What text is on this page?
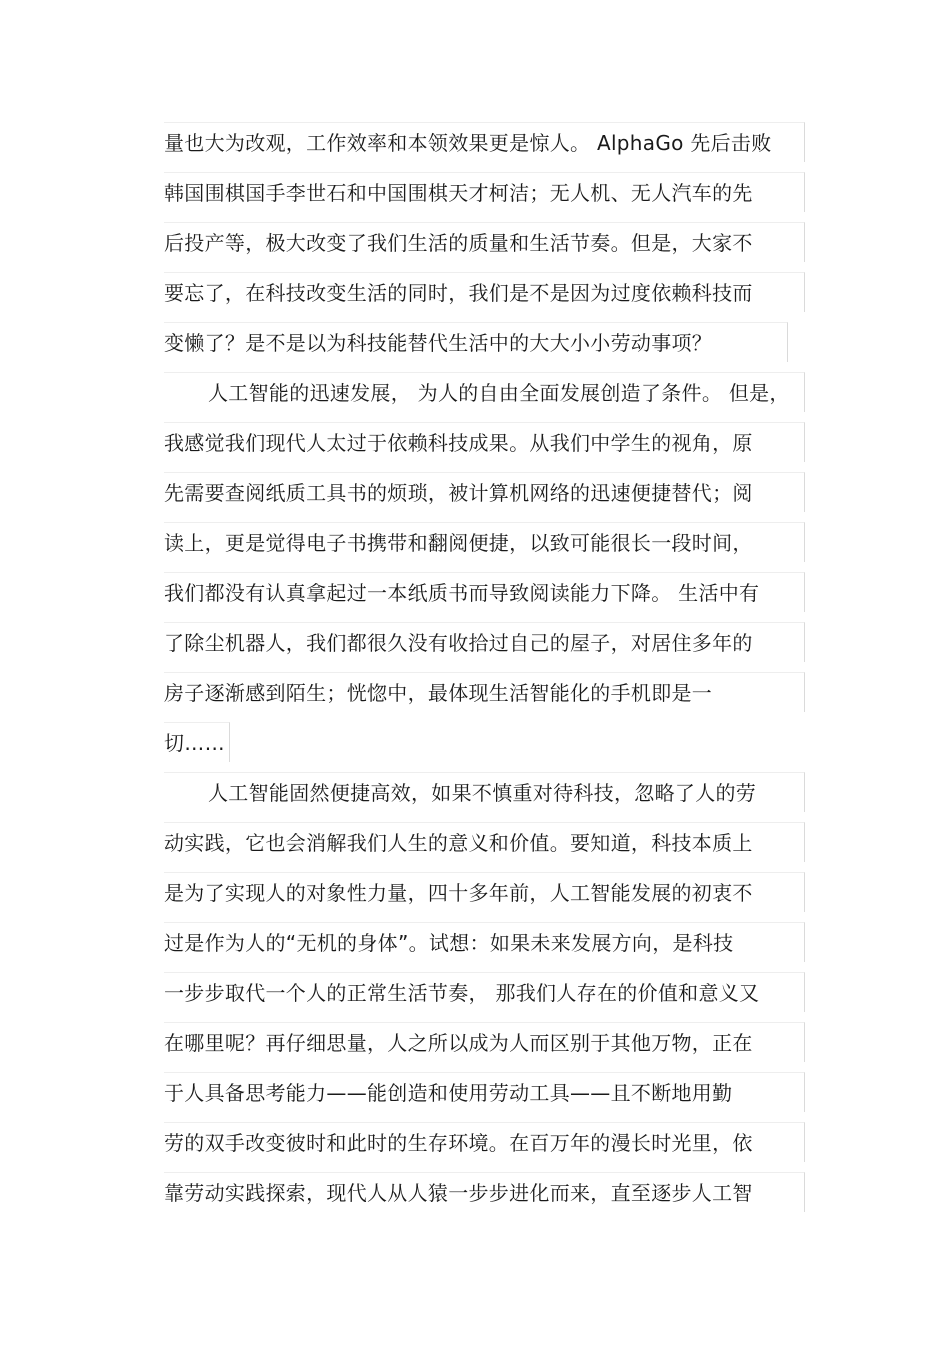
量也大为改观，工作效率和本领效果更是惊人。 AlphaGo 先后击败
韩国围棋国手李世石和中国围棋天才柯洁；无人机、无人汽车的先
后投产等，极大改变了我们生活的质量和生活节奏。但是，大家不
要忘了，在科技改变生活的同时，我们是不是因为过度依赖科技而
变懒了？是不是以为科技能替代生活中的大大小小劳动事项？
人工智能的迅速发展， 为人的自由全面发展创造了条件。 但是，
我感觉我们现代人太过于依赖科技成果。从我们中学生的视角，原
先需要查阅纸质工具书的烦琐，被计算机网络的迅速便捷替代；阅
读上，更是觉得电子书携带和翻阅便捷，以致可能很长一段时间，
我们都没有认真拿起过一本纸质书而导致阅读能力下降。 生活中有
了除尘机器人，我们都很久没有收拾过自己的屋子，对居住多年的
房子逐渐感到陌生；恍惚中，最体现生活智能化的手机即是一
切……
人工智能固然便捷高效，如果不慎重对待科技，忽略了人的劳
动实践，它也会消解我们人生的意义和价值。要知道，科技本质上
是为了实现人的对象性力量，四十多年前，人工智能发展的初衷不
过是作为人的“无机的身体”。试想：如果未来发展方向，是科技
一步步取代一个人的正常生活节奏， 那我们人存在的价值和意义又
在哪里呢？再仔细思量，人之所以成为人而区别于其他万物，正在
于人具备思考能力——能创造和使用劳动工具——且不断地用勤
劳的双手改变彼时和此时的生存环境。在百万年的漫长时光里，依
靠劳动实践探索，现代人从人猿一步步进化而来，直至逐步人工智
